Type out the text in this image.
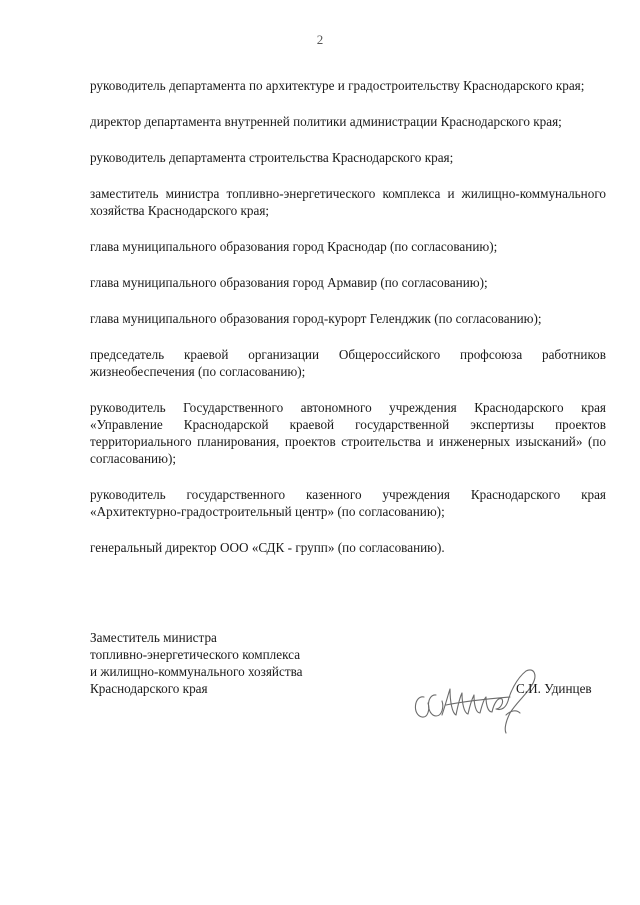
2

руководитель департамента по архитектуре и градостроительству Краснодарского края;

директор департамента внутренней политики администрации Краснодарского края;

руководитель департамента строительства Краснодарского края;

заместитель министра топливно-энергетического комплекса и жилищно-коммунального хозяйства Краснодарского края;

глава муниципального образования город Краснодар (по согласованию);

глава муниципального образования город Армавир (по согласованию);

глава муниципального образования город-курорт Геленджик (по согласованию);

председатель краевой организации Общероссийского профсоюза работников жизнеобеспечения (по согласованию);

руководитель Государственного автономного учреждения Краснодарского края «Управление Краснодарской краевой государственной экспертизы проектов территориального планирования, проектов строительства и инженерных изысканий» (по согласованию);

руководитель государственного казенного учреждения Краснодарского края «Архитектурно-градостроительный центр» (по согласованию);

генеральный директор ООО «СДК - групп» (по согласованию).

Заместитель министра
топливно-энергетического комплекса
и жилищно-коммунального хозяйства
Краснодарского края	С.И. Удинцев
